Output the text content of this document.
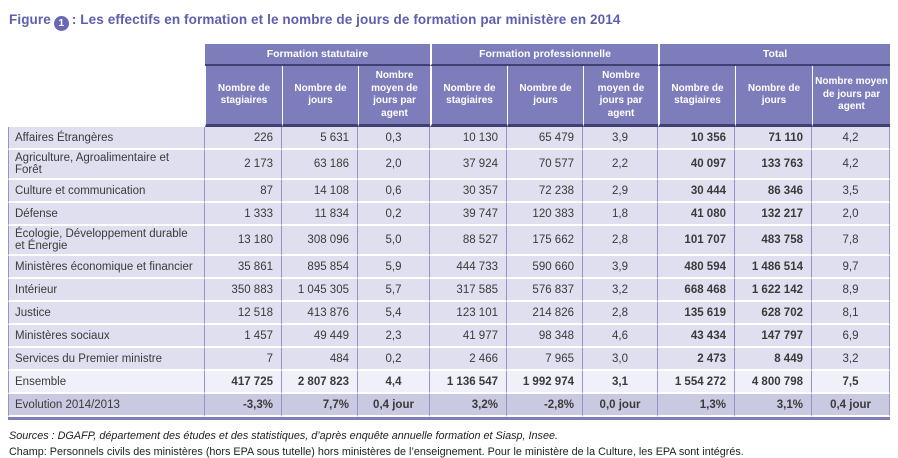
Figure 1 : Les effectifs en formation et le nombre de jours de formation par ministère en 2014
	Formation statutaire			Formation professionnelle			Total		
	Nombre de stagiaires	Nombre de jours	Nombre moyen de jours par agent	Nombre de stagiaires	Nombre de jours	Nombre moyen de jours par agent	Nombre de stagiaires	Nombre de jours	Nombre moyen de jours par agent
Affaires Étrangères	226	5 631	0,3	10 130	65 479	3,9	10 356	71 110	4,2
Agriculture, Agroalimentaire et Forêt	2 173	63 186	2,0	37 924	70 577	2,2	40 097	133 763	4,2
Culture et communication	87	14 108	0,6	30 357	72 238	2,9	30 444	86 346	3,5
Défense	1 333	11 834	0,2	39 747	120 383	1,8	41 080	132 217	2,0
Écologie, Développement durable et Énergie	13 180	308 096	5,0	88 527	175 662	2,8	101 707	483 758	7,8
Ministères économique et financier	35 861	895 854	5,9	444 733	590 660	3,9	480 594	1 486 514	9,7
Intérieur	350 883	1 045 305	5,7	317 585	576 837	3,2	668 468	1 622 142	8,9
Justice	12 518	413 876	5,4	123 101	214 826	2,8	135 619	628 702	8,1
Ministères sociaux	1 457	49 449	2,3	41 977	98 348	4,6	43 434	147 797	6,9
Services du Premier ministre	7	484	0,2	2 466	7 965	3,0	2 473	8 449	3,2
Ensemble	417 725	2 807 823	4,4	1 136 547	1 992 974	3,1	1 554 272	4 800 798	7,5
Evolution 2014/2013	-3,3%	7,7%	0,4 jour	3,2%	-2,8%	0,0 jour	1,3%	3,1%	0,4 jour
Sources : DGAFP, département des études et des statistiques, d’après enquête annuelle formation et Siasp, Insee.
Champ: Personnels civils des ministères (hors EPA sous tutelle) hors ministères de l’enseignement. Pour le ministère de la Culture, les EPA sont intégrés.
